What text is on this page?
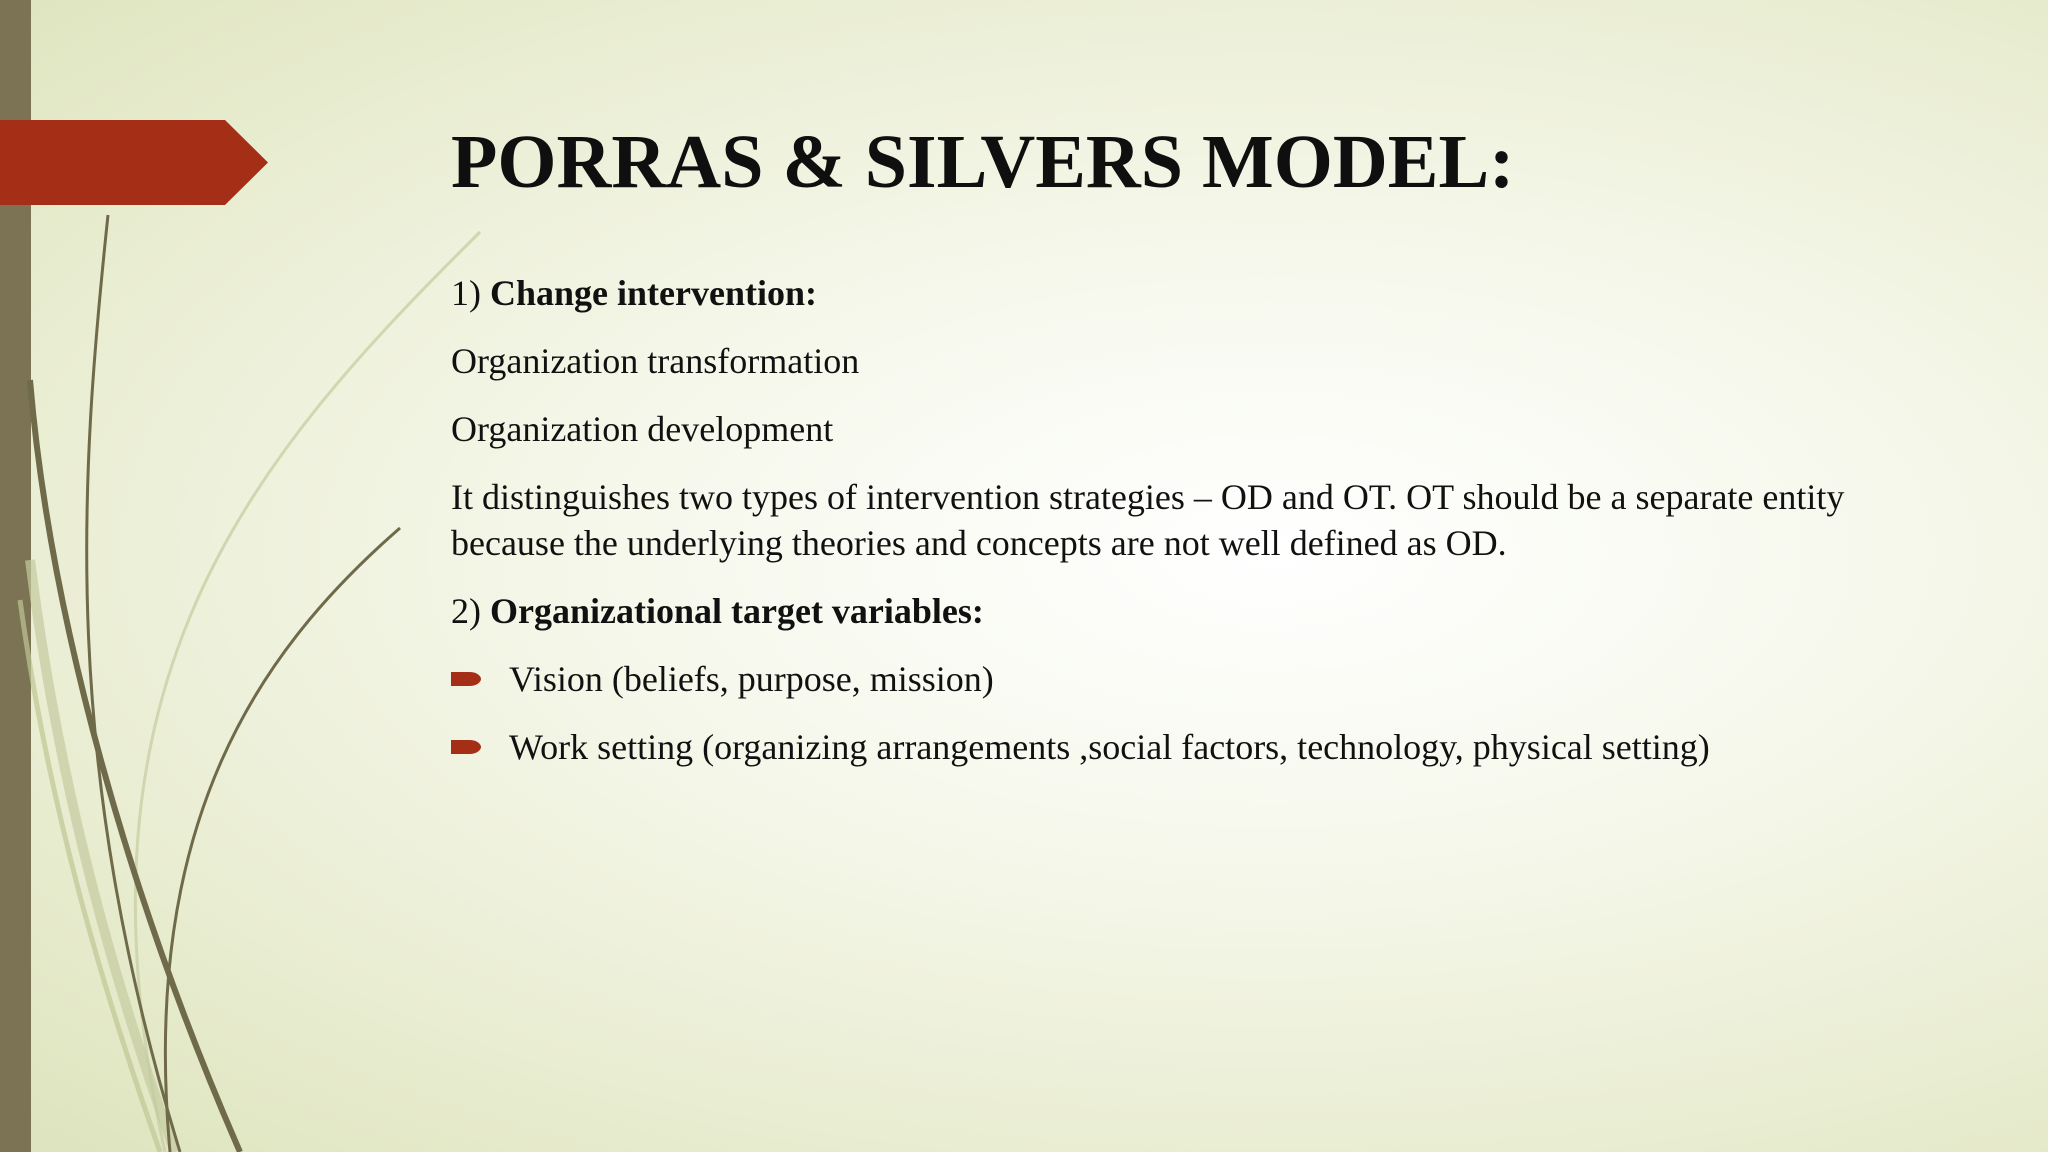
PORRAS & SILVERS MODEL:

1) Change intervention:

Organization transformation

Organization development

It distinguishes two types of intervention strategies – OD and OT. OT should be a separate entity because the underlying theories and concepts are not well defined as OD.

2) Organizational target variables:

Vision (beliefs, purpose, mission)
Work setting (organizing arrangements ,social factors, technology, physical setting)
